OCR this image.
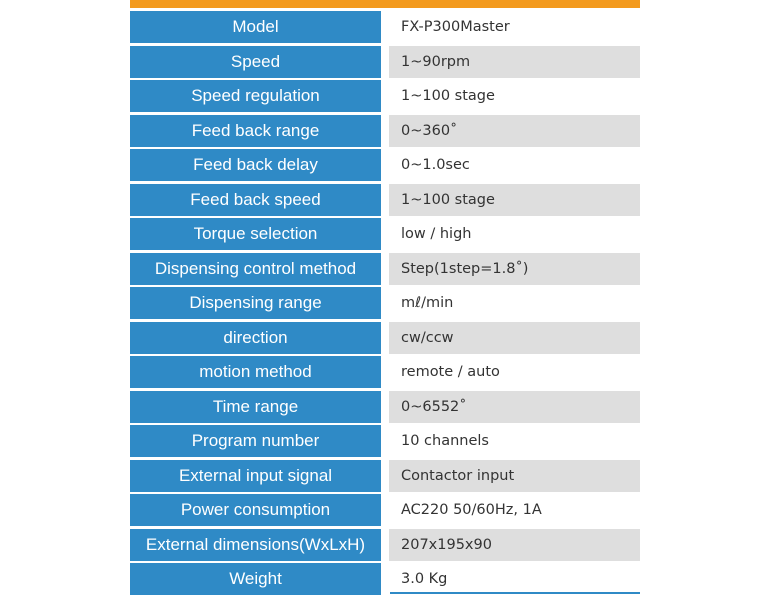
Model	FX-P300Master
Speed	1~90rpm
Speed regulation	1~100 stage
Feed back range	0~360˚
Feed back delay	0~1.0sec
Feed back speed	1~100 stage
Torque selection	low / high
Dispensing control method	Step(1step=1.8˚)
Dispensing range	mℓ/min
direction	cw/ccw
motion method	remote / auto
Time range	0~6552˚
Program number	10 channels
External input signal	Contactor input
Power consumption	AC220 50/60Hz, 1A
External dimensions(WxLxH)	207x195x90
Weight	3.0 Kg
